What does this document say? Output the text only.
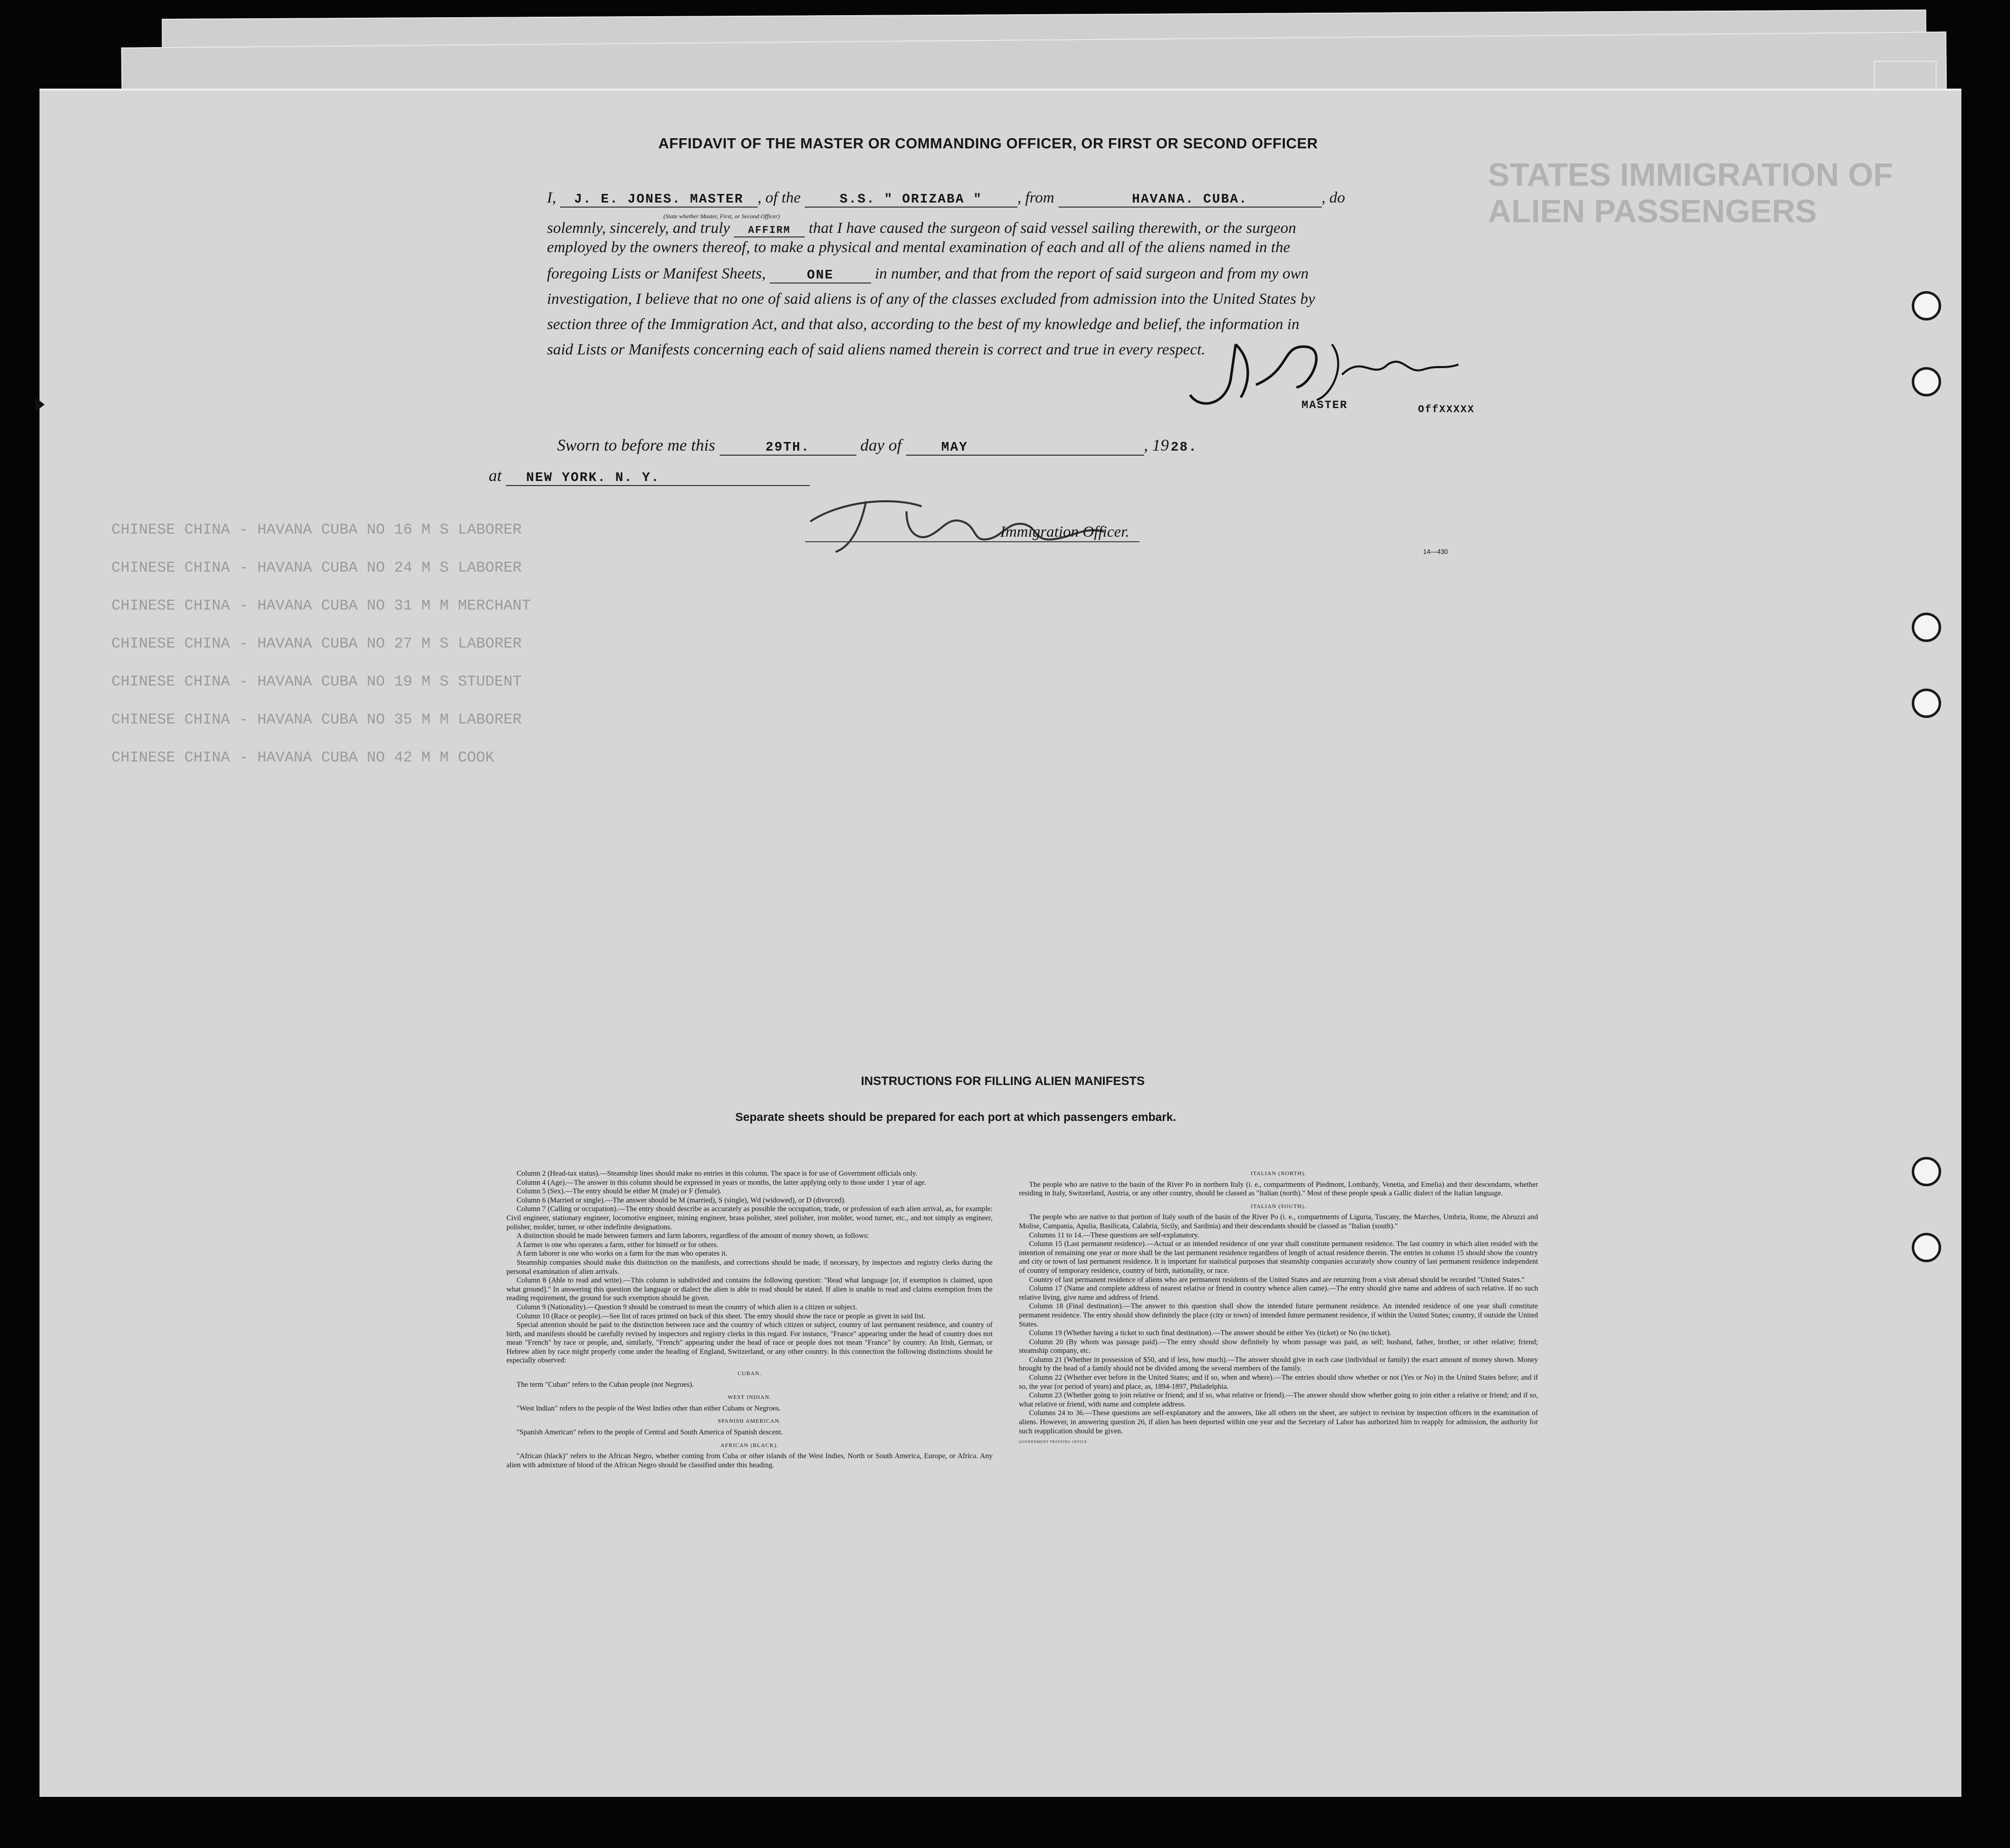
STATES IMMIGRATION OF
ALIEN PASSENGERS
CHINESE CHINA - HAVANA CUBA NO 16 M S LABORER
CHINESE CHINA - HAVANA CUBA NO 24 M S LABORER
CHINESE CHINA - HAVANA CUBA NO 31 M M MERCHANT
CHINESE CHINA - HAVANA CUBA NO 27 M S LABORER
CHINESE CHINA - HAVANA CUBA NO 19 M S STUDENT
CHINESE CHINA - HAVANA CUBA NO 35 M M LABORER
CHINESE CHINA - HAVANA CUBA NO 42 M M COOK
AFFIDAVIT OF THE MASTER OR COMMANDING OFFICER, OR FIRST OR SECOND OFFICER
I, J. E. JONES. MASTER , of the	S.S. " ORIZABA " , from	HAVANA. CUBA.	, do
(State whether Master, First, or Second Officer)
solemnly, sincerely, and truly AFFIRM that I have caused the surgeon of said vessel sailing therewith, or the surgeon
employed by the owners thereof, to make a physical and mental examination of each and all of the aliens named in the
foregoing Lists or Manifest Sheets,	ONE	in number, and that from the report of said surgeon and from my own
investigation, I believe that no one of said aliens is of any of the classes excluded from admission into the United States by
section three of the Immigration Act, and that also, according to the best of my knowledge and belief, the information in
said Lists or Manifests concerning each of said aliens named therein is correct and true in every respect.
MASTER	OffXXXXX
Sworn to before me this	29TH.	day of	MAY	, 19 28.
at NEW YORK. N. Y.
Immigration Officer.
14—430
INSTRUCTIONS FOR FILLING ALIEN MANIFESTS
Separate sheets should be prepared for each port at which passengers embark.

Column 2 (Head-tax status).—Steamship lines should make no entries in this column. The space is for use of Government officials only.

Column 4 (Age).—The answer in this column should be expressed in years or months, the latter applying only to those under 1 year of age.

Column 5 (Sex).—The entry should be either M (male) or F (female).

Column 6 (Married or single).—The answer should be M (married), S (single), Wd (widowed), or D (divorced).

Column 7 (Calling or occupation).—The entry should describe as accurately as possible the occupation, trade, or profession of each alien arrival, as, for example: Civil engineer, stationary engineer, locomotive engineer, mining engineer, brass polisher, steel polisher, iron molder, wood turner, etc., and not simply as engineer, polisher, molder, turner, or other indefinite designations.

A distinction should be made between farmers and farm laborers, regardless of the amount of money shown, as follows:

A farmer is one who operates a farm, either for himself or for others.

A farm laborer is one who works on a farm for the man who operates it.

Steamship companies should make this distinction on the manifests, and corrections should be made, if necessary, by inspectors and registry clerks during the personal examination of alien arrivals.

Column 8 (Able to read and write).—This column is subdivided and contains the following question: "Read what language [or, if exemption is claimed, upon what ground]." In answering this question the language or dialect the alien is able to read should be stated. If alien is unable to read and claims exemption from the reading requirement, the ground for such exemption should be given.

Column 9 (Nationality).—Question 9 should be construed to mean the country of which alien is a citizen or subject.

Column 10 (Race or people).—See list of races printed on back of this sheet. The entry should show the race or people as given in said list.

Special attention should be paid to the distinction between race and the country of which citizen or subject, country of last permanent residence, and country of birth, and manifests should be carefully revised by inspectors and registry clerks in this regard. For instance, "France" appearing under the head of country does not mean "French" by race or people, and, similarly, "French" appearing under the head of race or people does not mean "France" by country. An Irish, German, or Hebrew alien by race might properly come under the heading of England, Switzerland, or any other country. In this connection the following distinctions should be especially observed:

CUBAN.

The term "Cuban" refers to the Cuban people (not Negroes).

WEST INDIAN.

"West Indian" refers to the people of the West Indies other than either Cubans or Negroes.

SPANISH AMERICAN.

"Spanish American" refers to the people of Central and South America of Spanish descent.

AFRICAN (BLACK).

"African (black)" refers to the African Negro, whether coming from Cuba or other islands of the West Indies, North or South America, Europe, or Africa. Any alien with admixture of blood of the African Negro should be classified under this heading.

ITALIAN (NORTH).

The people who are native to the basin of the River Po in northern Italy (i. e., compartments of Piedmont, Lombardy, Venetia, and Emelia) and their descendants, whether residing in Italy, Switzerland, Austria, or any other country, should be classed as "Italian (north)." Most of these people speak a Gallic dialect of the Italian language.

ITALIAN (SOUTH).

The people who are native to that portion of Italy south of the basin of the River Po (i. e., compartments of Liguria, Tuscany, the Marches, Umbria, Rome, the Abruzzi and Molise, Campania, Apulia, Basilicata, Calabria, Sicily, and Sardinia) and their descendants should be classed as "Italian (south)."

Columns 11 to 14.—These questions are self-explanatory.

Column 15 (Last permanent residence).—Actual or an intended residence of one year shall constitute permanent residence. The last country in which alien resided with the intention of remaining one year or more shall be the last permanent residence regardless of length of actual residence therein. The entries in column 15 should show the country and city or town of last permanent residence. It is important for statistical purposes that steamship companies accurately show country of last permanent residence independent of country of temporary residence, country of birth, nationality, or race.

Country of last permanent residence of aliens who are permanent residents of the United States and are returning from a visit abroad should be recorded "United States."

Column 17 (Name and complete address of nearest relative or friend in country whence alien came).—The entry should give name and address of such relative. If no such relative living, give name and address of friend.

Column 18 (Final destination).—The answer to this question shall show the intended future permanent residence. An intended residence of one year shall constitute permanent residence. The entry should show definitely the place (city or town) of intended future permanent residence, if within the United States; country, if outside the United States.

Column 19 (Whether having a ticket to such final destination).—The answer should be either Yes (ticket) or No (no ticket).

Column 20 (By whom was passage paid).—The entry should show definitely by whom passage was paid, as self; husband, father, brother, or other relative; friend; steamship company, etc.

Column 21 (Whether in possession of $50, and if less, how much).—The answer should give in each case (individual or family) the exact amount of money shown. Money brought by the head of a family should not be divided among the several members of the family.

Column 22 (Whether ever before in the United States; and if so, when and where).—The entries should show whether or not (Yes or No) in the United States before; and if so, the year (or period of years) and place, as, 1894-1897, Philadelphia.

Column 23 (Whether going to join relative or friend; and if so, what relative or friend).—The answer should show whether going to join either a relative or friend; and if so, what relative or friend, with name and complete address.

Columns 24 to 36.—These questions are self-explanatory and the answers, like all others on the sheet, are subject to revision by inspection officers in the examination of aliens. However, in answering question 26, if alien has been deported within one year and the Secretary of Labor has authorized him to reapply for admission, the authority for such reapplication should be given.

GOVERNMENT PRINTING OFFICE
